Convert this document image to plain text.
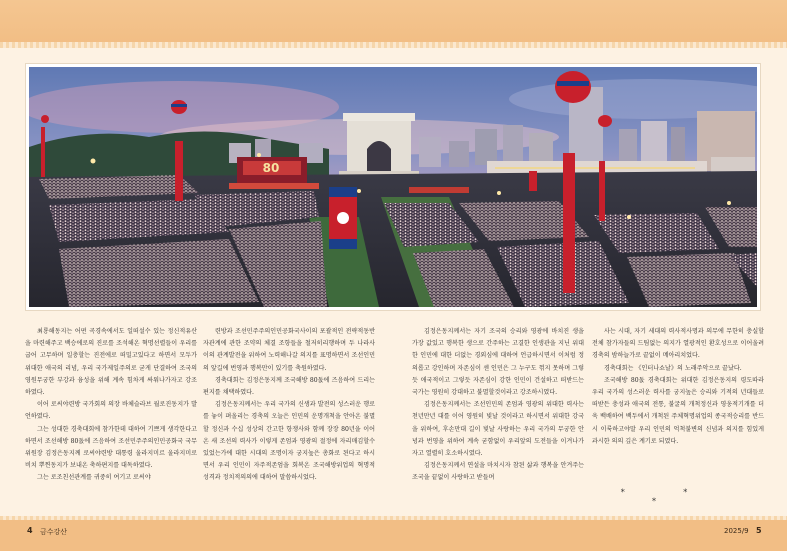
80

최룡해동지는 어떤 곡경속에서도 일떠설수 있는 정신적유산을 마련해주고 백승에로의 진로를 조석해온 혁명선렬들이 우리를 굽어 고무하며 일충할는 진전에로 떠밀고있다고 하면서 모두가 위대한 애국의 리념, 우리 국가제일주의로 굳게 단결하여 조국의 영원무궁한 부강과 융성을 위해 계속 힘차게 싸워나가자고 강조하였다.

이어 로씨야련방 국가회의 의장 바체슬라브 월로진동지가 발언하였다.

그는 성대한 경축대회에 참가한데 대하여 기쁘게 생각한다고 하면서 조선해방 80돐에 즈음하여 조선민주주의인민공화국 국무위원장 김정은동지께 로씨야련방 대통령 울라지미르 울라지미로비치 뿌찐동지가 보내온 축하편지를 대독하였다.

그는 로조친선관계를 귀중히 여기고 로씨야

련방과 조선민주주의인민공화국사이의 포괄적인 전략적동반자관계에 관한 조약의 체결 조항들을 철저히리행하며 두 나라사이의 관계발전을 위하여 노력해나갈 의지를 표명하면서 조선인민의 앞길에 번영과 행복만이 있기를 축원하였다.

경축대회는 김정은동지께 조국해방 80돐에 즈음하여 드리는 편지를 채택하였다.

김정은동지께서는 우리 국가의 신생과 발전의 성스러운 행로를 놓이 펴올리는 경축의 오늘은 인민의 운명개척을 안아온 불멸할 정신과 수십 성상의 간고한 항쟁사와 함께 장장 80년을 이어온 새 조선의 력사가 이렇게 존엄과 영광의 절정에 자리매김할수 있었는가에 대한 시대의 조명이자 궁지높은 총화로 된다고 하시면서 우리 인민이 자주적존엄을 회복온 조국해방위업의 혁명적 성격과 정치적의의에 대하여 말씀하시었다.

김정은동지께서는 자기 조국의 승리와 영광에 바치진 생을 가장 값있고 행복한 생으로 간주하는 고결한 인생관을 지닌 위대한 인민에 대한 더없는 경외심에 대하여 언급하시면서 이처럼 정의롭고 강인하며 자존심이 센 인민은 그 누구도 꺾지 못하며 그렇듯 애국적이고 그렇듯 자존심이 강한 인민이 건설하고 떠받드는 국가는 영원히 강대하고 불멸할것이라고 강조하시였다.

김정은동지께서는 조선인민의 존엄과 영광의 위대한 력사는 천년만년 대를 이어 영원히 빛날 것이라고 하시면서 위대한 강국을 위하여, 후손만대 길이 빛날 사랑하는 우리 국가의 무궁한 안녕과 번영을 위하여 계속 굳함없이 우리앞의 도전들을 이겨나가자고 열렬히 호소하시였다.

김정은동지께서 연설을 마치시자 참된 삶과 행복을 안겨주는 조국을 끝없이 사랑하고 받들며

사는 시대, 자기 세대의 력사적사명과 의무에 무한히 충실할 전체 참가자들의 드팀없는 의지가 열광적인 환호성으로 이어울려 경축의 밤하늘가로 끝없이 메아리치었다.

경축대회는 《인터나쇼날》의 노래주악으로 끝났다.

조국해방 80돐 경축대회는 위대한 김정은동지의 령도따라 우리 국가의 성스러운 력사를 궁지높은 승리와 기적의 년대들로 떠받든 충성과 애국의 전통, 불굴의 개척정신과 영웅적기개를 더욱 백배하여 백두에서 개척된 주체혁명위업의 종국적승리를 반드시 이룩하고야말 우리 인민의 억척불변의 신념과 의지를 힘있게 과시한 의의 깊은 계기로 되였다.

* * *
4 금수강산	2025/9 5
